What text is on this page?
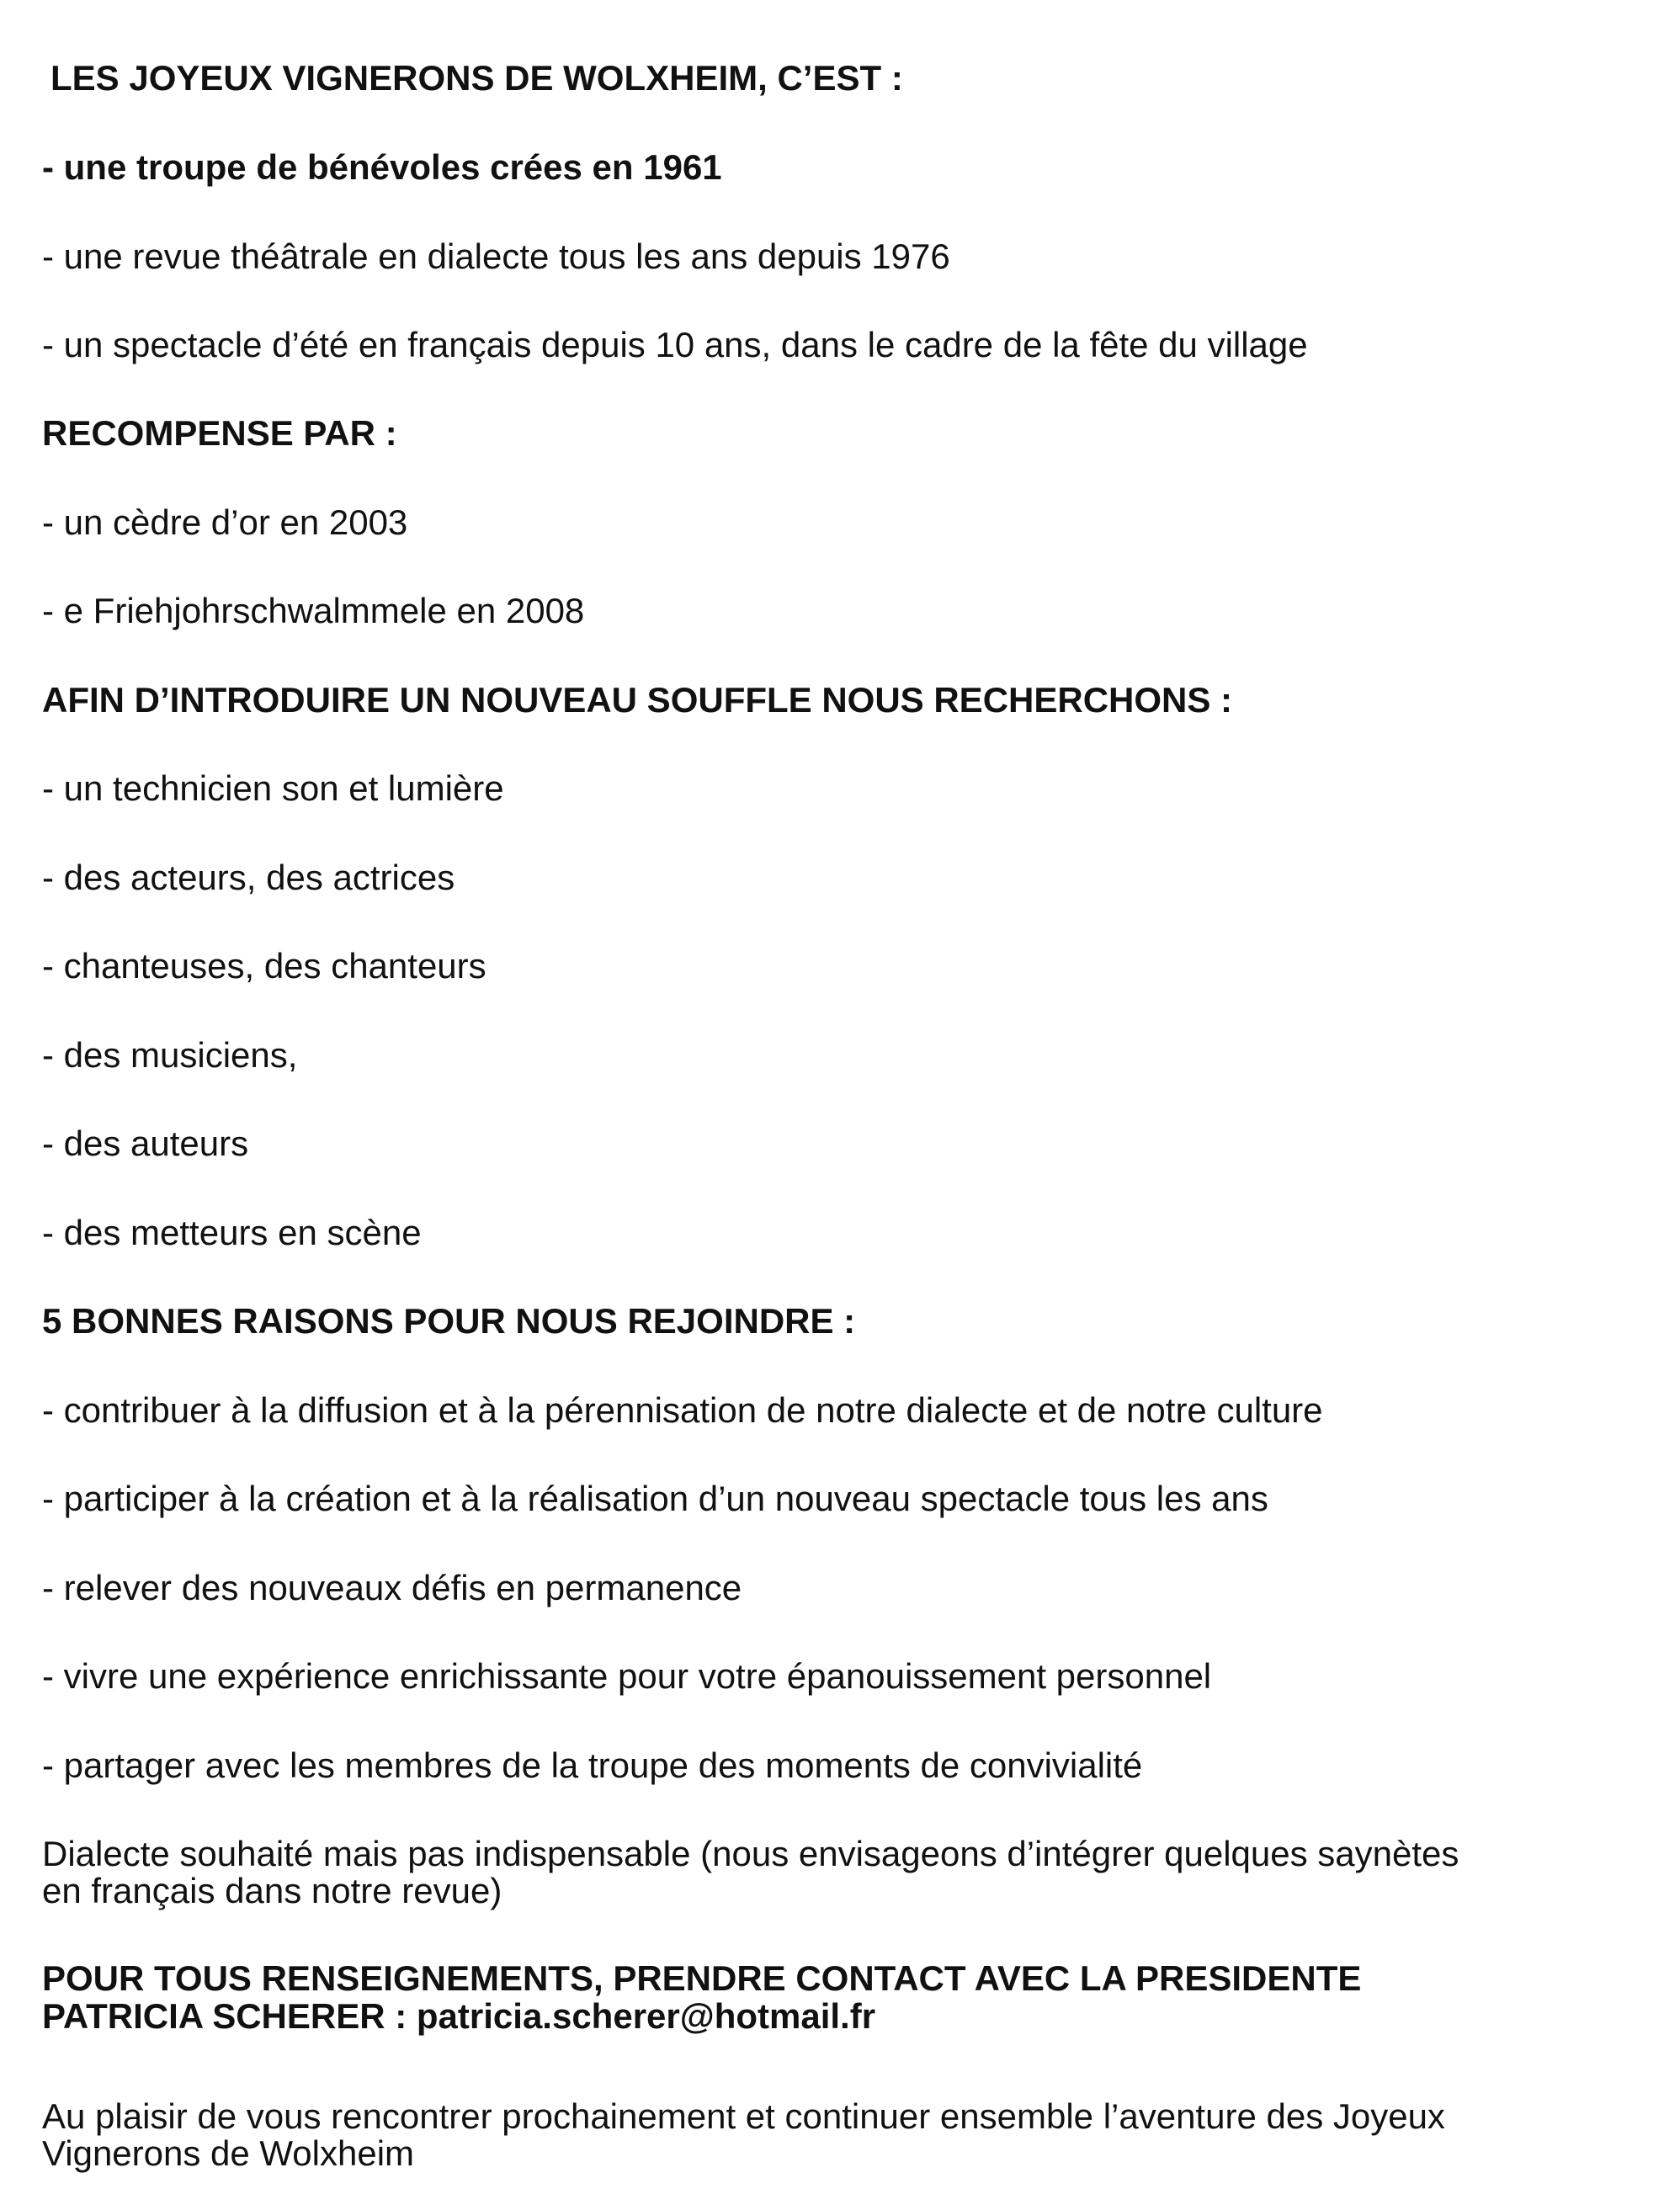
LES JOYEUX VIGNERONS DE WOLXHEIM, C’EST :

- une troupe de bénévoles crées en 1961

- une revue théâtrale en dialecte tous les ans depuis 1976

- un spectacle d’été en français depuis 10 ans, dans le cadre de la fête du village

RECOMPENSE PAR :

- un cèdre d’or en 2003

- e Friehjohrschwalmmele en 2008

AFIN D’INTRODUIRE UN NOUVEAU SOUFFLE NOUS RECHERCHONS :

- un technicien son et lumière

- des acteurs, des actrices

- chanteuses, des chanteurs

- des musiciens,

- des auteurs

- des metteurs en scène

5 BONNES RAISONS POUR NOUS REJOINDRE :

- contribuer à la diffusion et à la pérennisation de notre dialecte et de notre culture

- participer à la création et à la réalisation d’un nouveau spectacle tous les ans

- relever des nouveaux défis en permanence

- vivre une expérience enrichissante pour votre épanouissement personnel

- partager avec les membres de la troupe des moments de convivialité

Dialecte souhaité mais pas indispensable (nous envisageons d’intégrer quelques saynètes

en français dans notre revue)

POUR TOUS RENSEIGNEMENTS, PRENDRE CONTACT AVEC LA PRESIDENTE

PATRICIA SCHERER : patricia.scherer@hotmail.fr

Au plaisir de vous rencontrer prochainement et continuer ensemble l’aventure des Joyeux

Vignerons de Wolxheim
